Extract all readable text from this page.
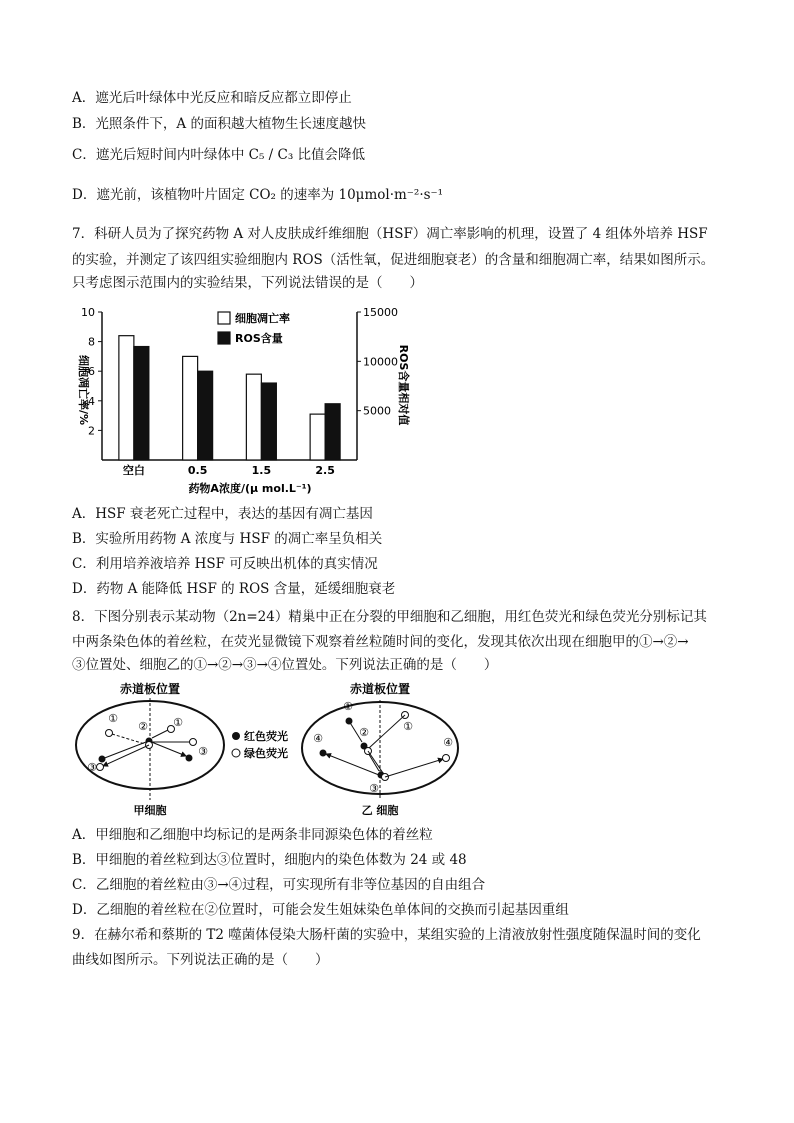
A．遮光后叶绿体中光反应和暗反应都立即停止
B．光照条件下，A 的面积越大植物生长速度越快
C．遮光后短时间内叶绿体中 C₅ / C₃ 比值会降低
D．遮光前，该植物叶片固定 CO₂ 的速率为 10μmol·m⁻²·s⁻¹
7．科研人员为了探究药物 A 对人皮肤成纤维细胞（HSF）凋亡率影响的机理，设置了 4 组体外培养 HSF
的实验，并测定了该四组实验细胞内 ROS（活性氧，促进细胞衰老）的含量和细胞凋亡率，结果如图所示。
只考虑图示范围内的实验结果，下列说法错误的是（　　）
细胞凋亡率/%	ROS含量相对值
药物A浓度/(μ mol.L⁻¹)
2
4
6
8
10
5000
10000
15000
空白	0.5	1.5	2.5
细胞凋亡率
ROS含量
A．HSF 衰老死亡过程中，表达的基因有凋亡基因
B．实验所用药物 A 浓度与 HSF 的凋亡率呈负相关
C．利用培养液培养 HSF 可反映出机体的真实情况
D．药物 A 能降低 HSF 的 ROS 含量，延缓细胞衰老
8．下图分别表示某动物（2n=24）精巢中正在分裂的甲细胞和乙细胞，用红色荧光和绿色荧光分别标记其
中两条染色体的着丝粒，在荧光显微镜下观察着丝粒随时间的变化，发现其依次出现在细胞甲的①→②→
③位置处、细胞乙的①→②→③→④位置处。下列说法正确的是（　　）
赤道板位置
甲细胞
①
② ①
③
③
红色荧光
绿色荧光
赤道板位置
乙 细胞
①
①
②
④	④
③
A．甲细胞和乙细胞中均标记的是两条非同源染色体的着丝粒
B．甲细胞的着丝粒到达③位置时，细胞内的染色体数为 24 或 48
C．乙细胞的着丝粒由③→④过程，可实现所有非等位基因的自由组合
D．乙细胞的着丝粒在②位置时，可能会发生姐妹染色单体间的交换而引起基因重组
9．在赫尔希和蔡斯的 T2 噬菌体侵染大肠杆菌的实验中，某组实验的上清液放射性强度随保温时间的变化
曲线如图所示。下列说法正确的是（　　）
